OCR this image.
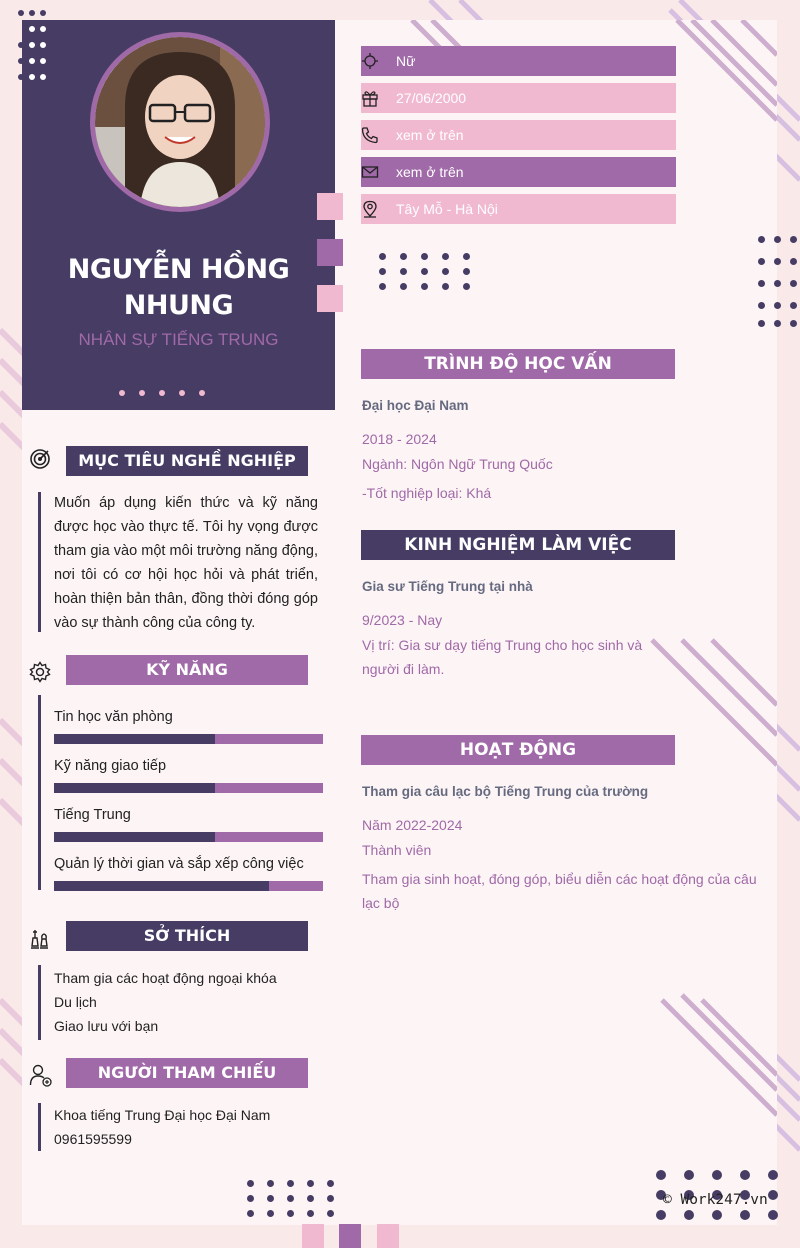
NGUYỄN HỒNG
NHUNG
NHÂN SỰ TIẾNG TRUNG
MỤC TIÊU NGHỀ NGHIỆP
Muốn áp dụng kiến thức và kỹ năng được học vào thực tế. Tôi hy vọng được tham gia vào một môi trường năng động, nơi tôi có cơ hội học hỏi và phát triển, hoàn thiện bản thân, đồng thời đóng góp vào sự thành công của công ty.
KỸ NĂNG
Tin học văn phòng
Kỹ năng giao tiếp
Tiếng Trung
Quản lý thời gian và sắp xếp công việc
SỞ THÍCH
Tham gia các hoạt động ngoại khóa
Du lịch
Giao lưu với bạn
NGƯỜI THAM CHIẾU
Khoa tiếng Trung Đại học Đại Nam
0961595599
Nữ
27/06/2000
xem ở trên
xem ở trên
Tây Mỗ - Hà Nội
TRÌNH ĐỘ HỌC VẤN
Đại học Đại Nam
2018 - 2024
Ngành: Ngôn Ngữ Trung Quốc
-Tốt nghiệp loại: Khá
KINH NGHIỆM LÀM VIỆC
Gia sư Tiếng Trung tại nhà
9/2023 - Nay
Vị trí: Gia sư dạy tiếng Trung cho học sinh và
người đi làm.
HOẠT ĐỘNG
Tham gia câu lạc bộ Tiếng Trung của trường
Năm 2022-2024
Thành viên
Tham gia sinh hoạt, đóng góp, biểu diễn các hoạt động của câu
lạc bộ
© Work247.vn
